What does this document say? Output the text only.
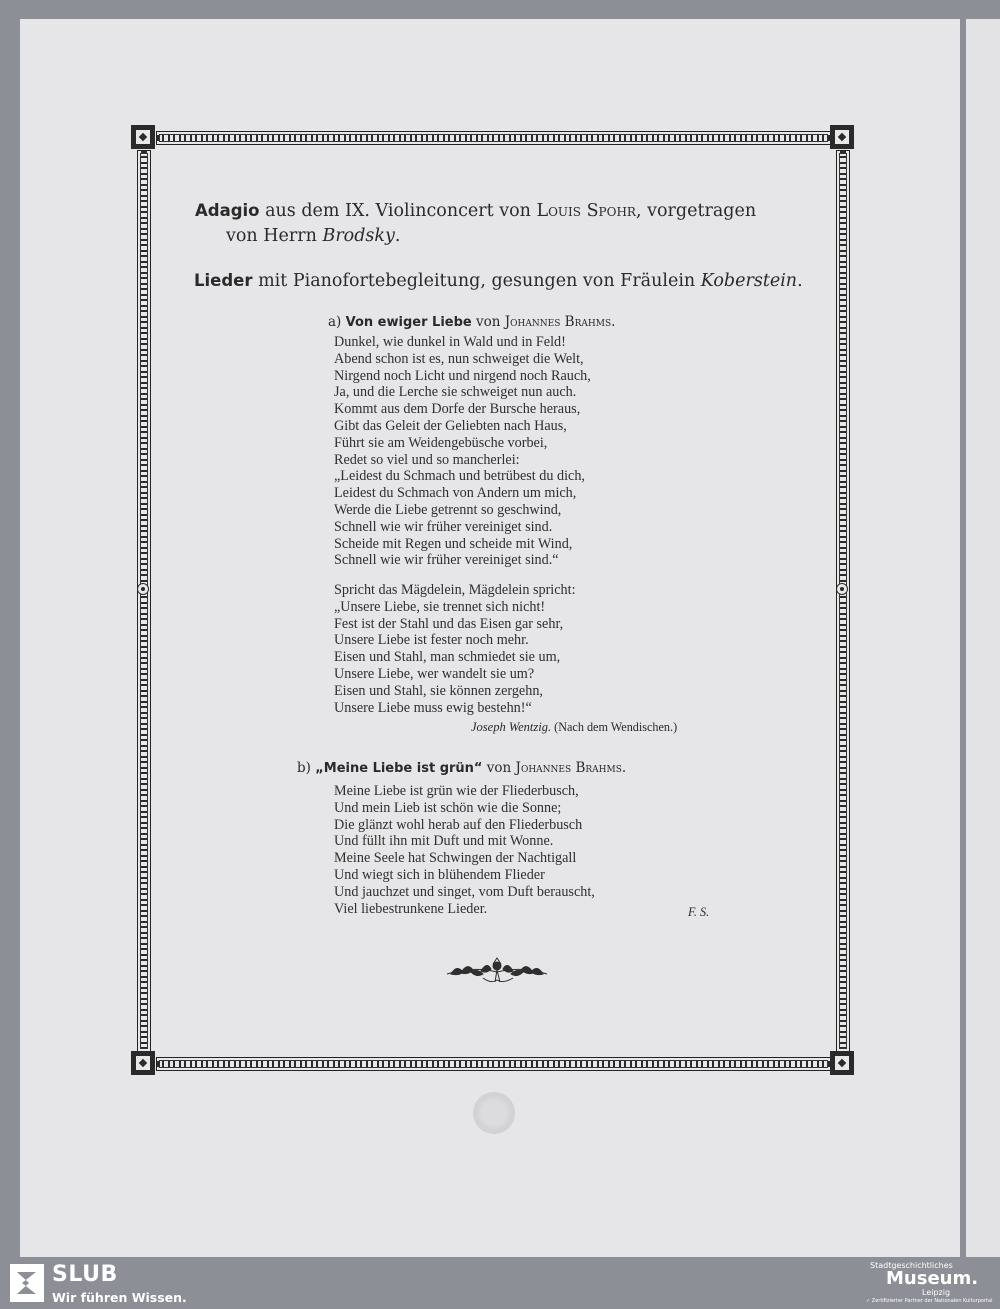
Adagio aus dem IX. Violinconcert von Louis Spohr, vorgetragen
von Herrn Brodsky.
Lieder mit Pianofortebegleitung, gesungen von Fräulein Koberstein.
a) Von ewiger Liebe von Johannes Brahms.
Dunkel, wie dunkel in Wald und in Feld!
Abend schon ist es, nun schweiget die Welt,
Nirgend noch Licht und nirgend noch Rauch,
Ja, und die Lerche sie schweiget nun auch.
Kommt aus dem Dorfe der Bursche heraus,
Gibt das Geleit der Geliebten nach Haus,
Führt sie am Weidengebüsche vorbei,
Redet so viel und so mancherlei:
„Leidest du Schmach und betrübest du dich,
Leidest du Schmach von Andern um mich,
Werde die Liebe getrennt so geschwind,
Schnell wie wir früher vereiniget sind.
Scheide mit Regen und scheide mit Wind,
Schnell wie wir früher vereiniget sind.“
Spricht das Mägdelein, Mägdelein spricht:
„Unsere Liebe, sie trennet sich nicht!
Fest ist der Stahl und das Eisen gar sehr,
Unsere Liebe ist fester noch mehr.
Eisen und Stahl, man schmiedet sie um,
Unsere Liebe, wer wandelt sie um?
Eisen und Stahl, sie können zergehn,
Unsere Liebe muss ewig bestehn!“
Joseph Wentzig. (Nach dem Wendischen.)
b) „Meine Liebe ist grün“ von Johannes Brahms.
Meine Liebe ist grün wie der Fliederbusch,
Und mein Lieb ist schön wie die Sonne;
Die glänzt wohl herab auf den Fliederbusch
Und füllt ihn mit Duft und mit Wonne.
Meine Seele hat Schwingen der Nachtigall
Und wiegt sich in blühendem Flieder
Und jauchzet und singet, vom Duft berauscht,
Viel liebestrunkene Lieder.	F. S.
SLUB
Wir führen Wissen.
Stadtgeschichtliches
Museum.
Leipzig
✓ Zertifizierter Partner der Nationalen Kulturportal
